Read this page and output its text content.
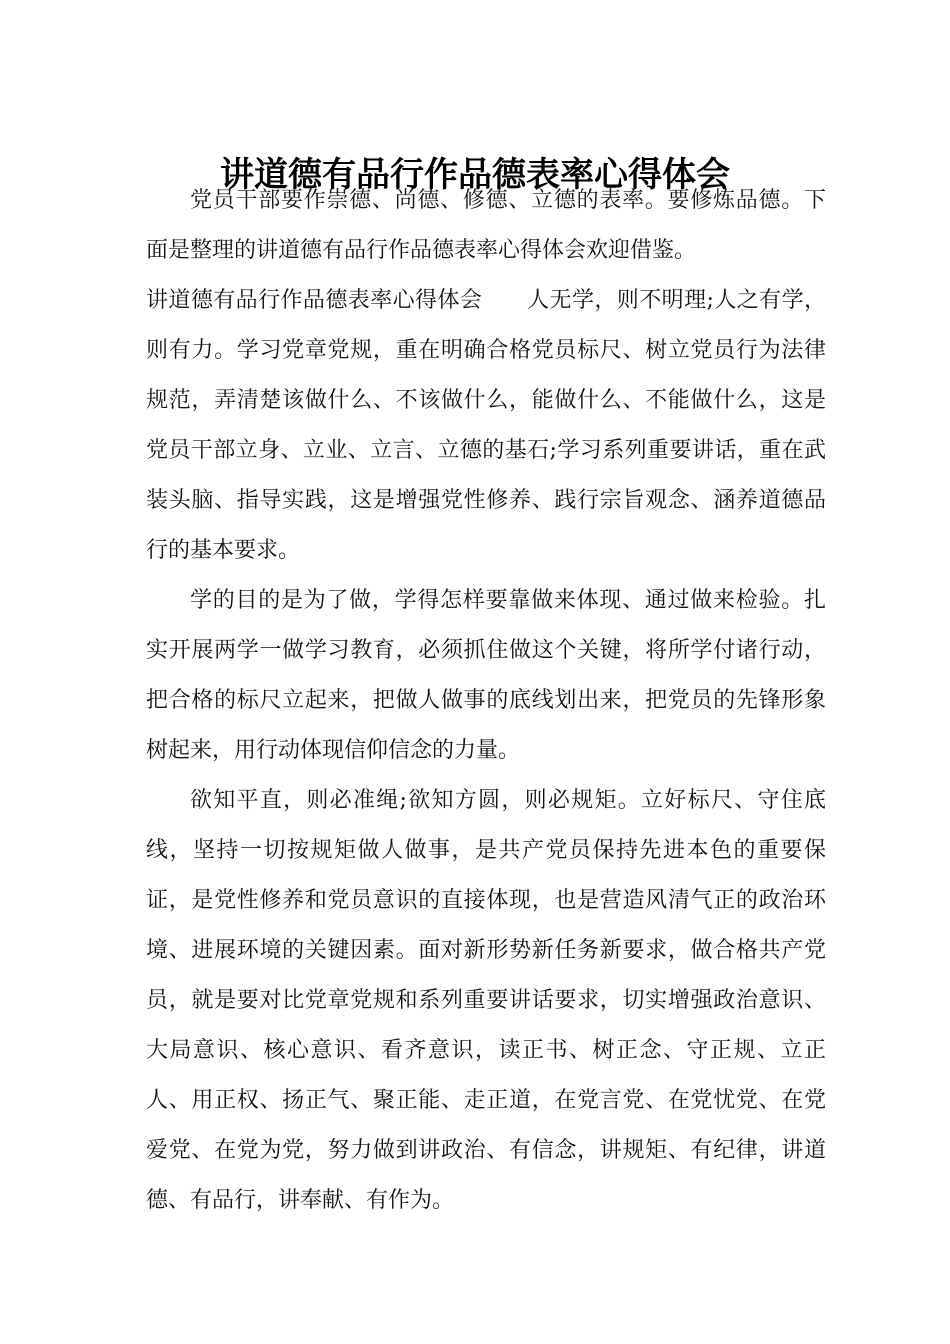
讲道德有品行作品德表率心得体会

党员干部要作崇德、尚德、修德、立德的表率。要修炼品德。下面是整理的讲道德有品行作品德表率心得体会欢迎借鉴。

讲道德有品行作品德表率心得体会　　人无学，则不明理;人之有学，则有力。学习党章党规，重在明确合格党员标尺、树立党员行为法律规范，弄清楚该做什么、不该做什么，能做什么、不能做什么，这是党员干部立身、立业、立言、立德的基石;学习系列重要讲话，重在武装头脑、指导实践，这是增强党性修养、践行宗旨观念、涵养道德品行的基本要求。

学的目的是为了做，学得怎样要靠做来体现、通过做来检验。扎实开展两学一做学习教育，必须抓住做这个关键，将所学付诸行动，把合格的标尺立起来，把做人做事的底线划出来，把党员的先锋形象树起来，用行动体现信仰信念的力量。

欲知平直，则必准绳;欲知方圆，则必规矩。立好标尺、守住底线，坚持一切按规矩做人做事，是共产党员保持先进本色的重要保证，是党性修养和党员意识的直接体现，也是营造风清气正的政治环境、进展环境的关键因素。面对新形势新任务新要求，做合格共产党员，就是要对比党章党规和系列重要讲话要求，切实增强政治意识、大局意识、核心意识、看齐意识，读正书、树正念、守正规、立正人、用正权、扬正气、聚正能、走正道，在党言党、在党忧党、在党爱党、在党为党，努力做到讲政治、有信念，讲规矩、有纪律，讲道德、有品行，讲奉献、有作为。
